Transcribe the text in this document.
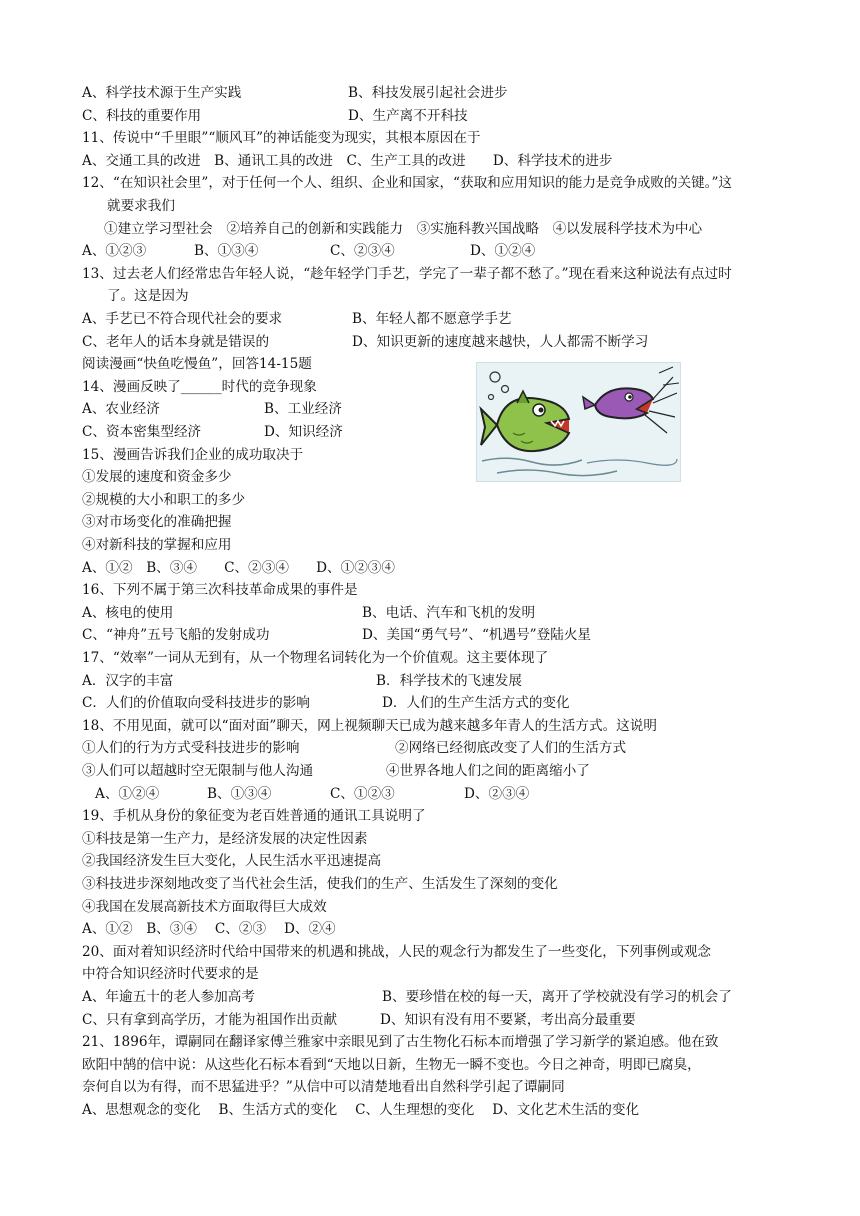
A、科学技术源于生产实践	B、科技发展引起社会进步
C、科技的重要作用	D、生产离不开科技
11、传说中“千里眼”“顺风耳”的神话能变为现实，其根本原因在于
A、交通工具的改进　B、通讯工具的改进　C、生产工具的改进　　D、科学技术的进步
12、“在知识社会里”，对于任何一个人、组织、企业和国家，“获取和应用知识的能力是竞争成败的关键。”这
就要求我们
①建立学习型社会　②培养自己的创新和实践能力　③实施科教兴国战略　④以发展科学技术为中心
A、①②③	B、①③④	C、②③④	D、①②④
13、过去老人们经常忠告年轻人说，“趁年轻学门手艺，学完了一辈子都不愁了。”现在看来这种说法有点过时
了。这是因为
A、手艺已不符合现代社会的要求	B、年轻人都不愿意学手艺
C、老年人的话本身就是错误的	D、知识更新的速度越来越快，人人都需不断学习
阅读漫画“快鱼吃慢鱼”，回答14-15题
14、漫画反映了______时代的竞争现象
A、农业经济	B、工业经济
C、资本密集型经济	D、知识经济
15、漫画告诉我们企业的成功取决于
①发展的速度和资金多少
②规模的大小和职工的多少
③对市场变化的准确把握
④对新科技的掌握和应用
A、①②　B、③④　　C、②③④　　D、①②③④
16、下列不属于第三次科技革命成果的事件是
A、核电的使用	B、电话、汽车和飞机的发明
C、“神舟”五号飞船的发射成功	D、美国“勇气号”、“机遇号”登陆火星
17、“效率”一词从无到有，从一个物理名词转化为一个价值观。这主要体现了
A．汉字的丰富	B．科学技术的飞速发展
C．人们的价值取向受科技进步的影响	D．人们的生产生活方式的变化
18、不用见面，就可以“面对面”聊天，网上视频聊天已成为越来越多年青人的生活方式。这说明
①人们的行为方式受科技进步的影响	②网络已经彻底改变了人们的生活方式
③人们可以超越时空无限制与他人沟通	④世界各地人们之间的距离缩小了
A、①②④	B、①③④	C、①②③	D、②③④
19、手机从身份的象征变为老百姓普通的通讯工具说明了
①科技是第一生产力，是经济发展的决定性因素
②我国经济发生巨大变化，人民生活水平迅速提高
③科技进步深刻地改变了当代社会生活，使我们的生产、生活发生了深刻的变化
④我国在发展高新技术方面取得巨大成效
A、①②　B、③④　 C、②③　 D、②④
20、面对着知识经济时代给中国带来的机遇和挑战，人民的观念行为都发生了一些变化，下列事例或观念
中符合知识经济时代要求的是
A、年逾五十的老人参加高考	B、要珍惜在校的每一天，离开了学校就没有学习的机会了
C、只有拿到高学历，才能为祖国作出贡献	D、知识有没有用不要紧，考出高分最重要
21、1896年，谭嗣同在翻译家傅兰雅家中亲眼见到了古生物化石标本而增强了学习新学的紧迫感。他在致
欧阳中鹄的信中说：从这些化石标本看到“天地以日新，生物无一瞬不变也。今日之神奇，明即已腐臭，
奈何自以为有得，而不思猛进乎？”从信中可以清楚地看出自然科学引起了谭嗣同
A、思想观念的变化　 B、生活方式的变化　 C、人生理想的变化　 D、文化艺术生活的变化
